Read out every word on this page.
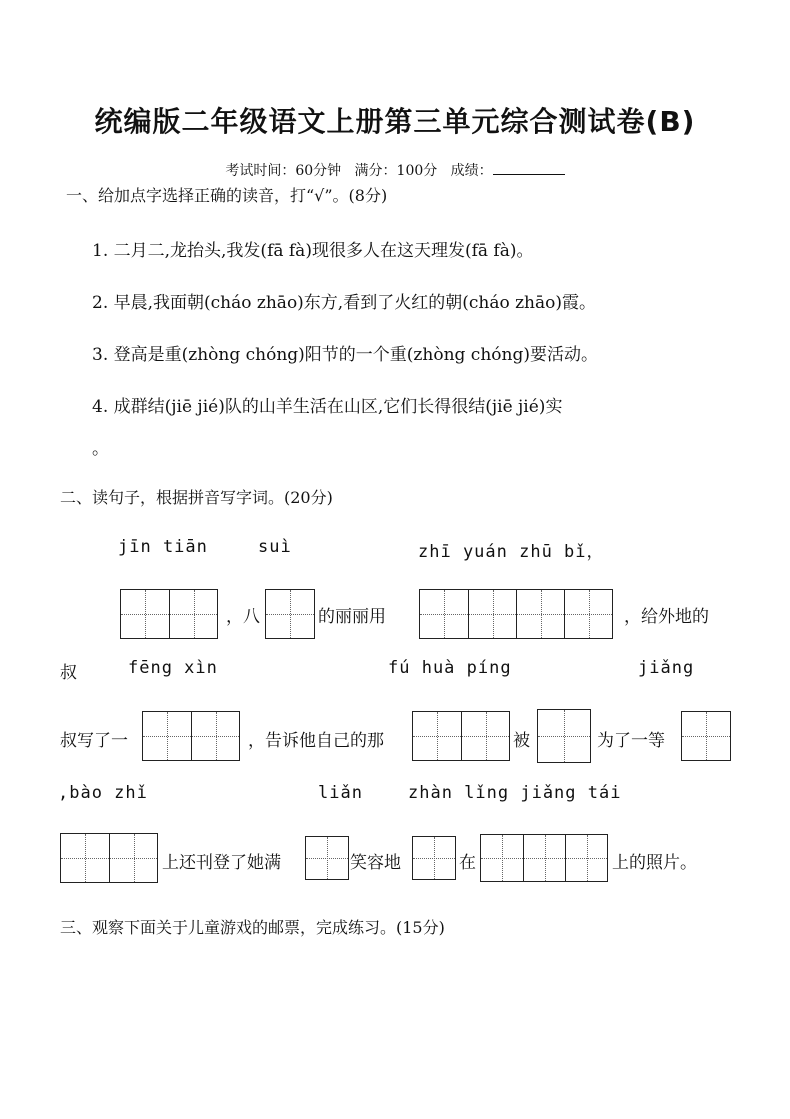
统编版二年级语文上册第三单元综合测试卷(B)
考试时间：60分钟 满分：100分 成绩：
一、给加点字选择正确的读音，打“√”。(8分)
1. 二月二,龙抬头,我发(fā fà)现很多人在这天理发(fā fà)。
2. 早晨,我面朝(cháo zhāo)东方,看到了火红的朝(cháo zhāo)霞。
3. 登高是重(zhòng chóng)阳节的一个重(zhòng chóng)要活动。
4. 成群结(jiē jié)队的山羊生活在山区,它们长得很结(jiē jié)实
。
二、读句子，根据拼音写字词。(20分)
jīn tiān	suì	zhī yuán zhū bǐ，
，八	的丽丽用	，给外地的
叔	fēng xìn	fú huà píng	jiǎng
叔写了一	，告诉他自己的那	被	为了一等
,bào zhǐ	liǎn	zhàn lǐng jiǎng tái
上还刊登了她满	笑容地	在	上的照片。
三、观察下面关于儿童游戏的邮票，完成练习。(15分)
